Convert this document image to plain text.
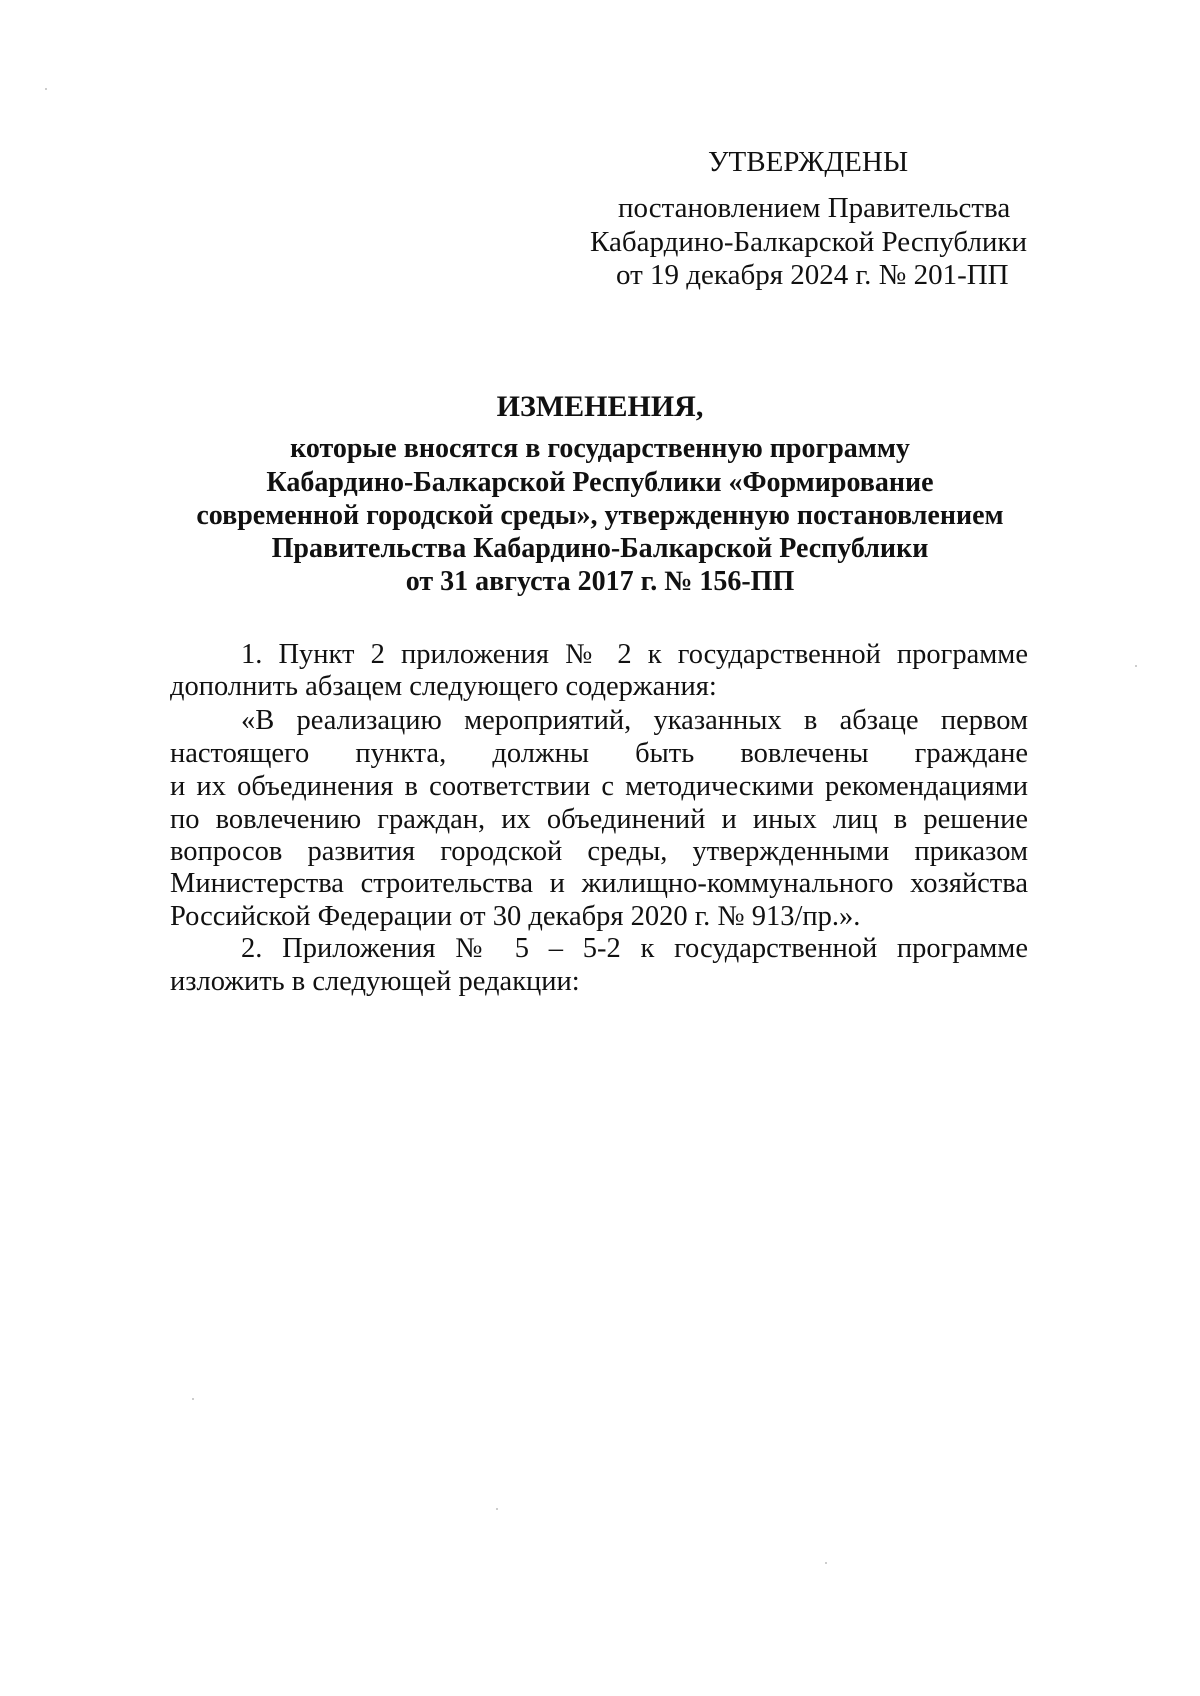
УТВЕРЖДЕНЫ
постановлением Правительства
Кабардино-Балкарской Республики
от 19 декабря 2024 г. № 201-ПП
ИЗМЕНЕНИЯ,
которые вносятся в государственную программу
Кабардино-Балкарской Республики «Формирование
современной городской среды», утвержденную постановлением
Правительства Кабардино-Балкарской Республики
от 31 августа 2017 г. № 156-ПП
1. Пункт 2 приложения № 2 к государственной программе
дополнить абзацем следующего содержания:
«В реализацию мероприятий, указанных в абзаце первом
настоящего пункта, должны быть вовлечены граждане
и их объединения в соответствии с методическими рекомендациями
по вовлечению граждан, их объединений и иных лиц в решение
вопросов развития городской среды, утвержденными приказом
Министерства строительства и жилищно-коммунального хозяйства
Российской Федерации от 30 декабря 2020 г. № 913/пр.».
2. Приложения № 5 – 5-2 к государственной программе
изложить в следующей редакции:
